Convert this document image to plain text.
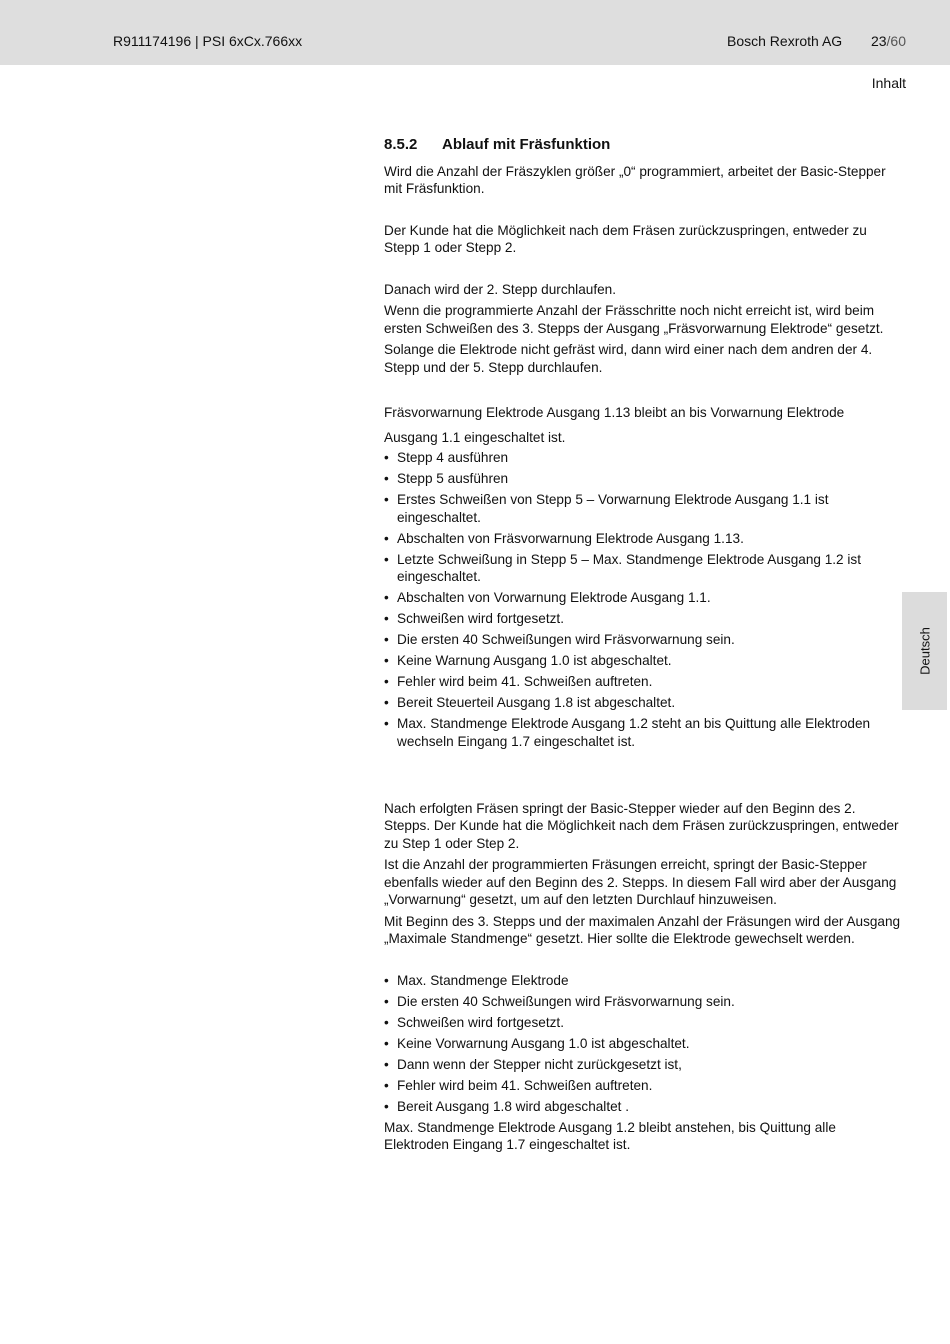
R911174196 | PSI 6xCx.766xx	Bosch Rexroth AG 23/60
Inhalt
Deutsch
8.5.2 Ablauf mit Fräsfunktion

Wird die Anzahl der Fräszyklen größer „0“ programmiert, arbeitet der Basic-Stepper mit Fräsfunktion.

Der Kunde hat die Möglichkeit nach dem Fräsen zurückzuspringen, entweder zu Stepp 1 oder Stepp 2.

Danach wird der 2. Stepp durchlaufen.

Wenn die programmierte Anzahl der Frässchritte noch nicht erreicht ist, wird beim ersten Schweißen des 3. Stepps der Ausgang „Fräsvorwarnung Elektrode“ gesetzt.

Solange die Elektrode nicht gefräst wird, dann wird einer nach dem andren der 4. Stepp und der 5. Stepp durchlaufen.

Fräsvorwarnung Elektrode Ausgang 1.13 bleibt an bis Vorwarnung Elektrode

Ausgang 1.1 eingeschaltet ist.

• Stepp 4 ausführen
• Stepp 5 ausführen
• Erstes Schweißen von Stepp 5 – Vorwarnung Elektrode Ausgang 1.1 ist eingeschaltet.
• Abschalten von Fräsvorwarnung Elektrode Ausgang 1.13.
• Letzte Schweißung in Stepp 5 – Max. Standmenge Elektrode Ausgang 1.2 ist eingeschaltet.
• Abschalten von Vorwarnung Elektrode Ausgang 1.1.
• Schweißen wird fortgesetzt.
• Die ersten 40 Schweißungen wird Fräsvorwarnung sein.
• Keine Warnung Ausgang 1.0 ist abgeschaltet.
• Fehler wird beim 41. Schweißen auftreten.
• Bereit Steuerteil Ausgang 1.8 ist abgeschaltet.
• Max. Standmenge Elektrode Ausgang 1.2 steht an bis Quittung alle Elektroden wechseln Eingang 1.7 eingeschaltet ist.

Nach erfolgten Fräsen springt der Basic-Stepper wieder auf den Beginn des 2. Stepps. Der Kunde hat die Möglichkeit nach dem Fräsen zurückzuspringen, entweder zu Step 1 oder Step 2.

Ist die Anzahl der programmierten Fräsungen erreicht, springt der Basic-Stepper ebenfalls wieder auf den Beginn des 2. Stepps. In diesem Fall wird aber der Ausgang „Vorwarnung“ gesetzt, um auf den letzten Durchlauf hinzuweisen.

Mit Beginn des 3. Stepps und der maximalen Anzahl der Fräsungen wird der Ausgang „Maximale Standmenge“ gesetzt. Hier sollte die Elektrode gewechselt werden.

• Max. Standmenge Elektrode
• Die ersten 40 Schweißungen wird Fräsvorwarnung sein.
• Schweißen wird fortgesetzt.
• Keine Vorwarnung Ausgang 1.0 ist abgeschaltet.
• Dann wenn der Stepper nicht zurückgesetzt ist,
• Fehler wird beim 41. Schweißen auftreten.
• Bereit Ausgang 1.8 wird abgeschaltet .

Max. Standmenge Elektrode Ausgang 1.2 bleibt anstehen, bis Quittung alle Elektroden Eingang 1.7 eingeschaltet ist.
